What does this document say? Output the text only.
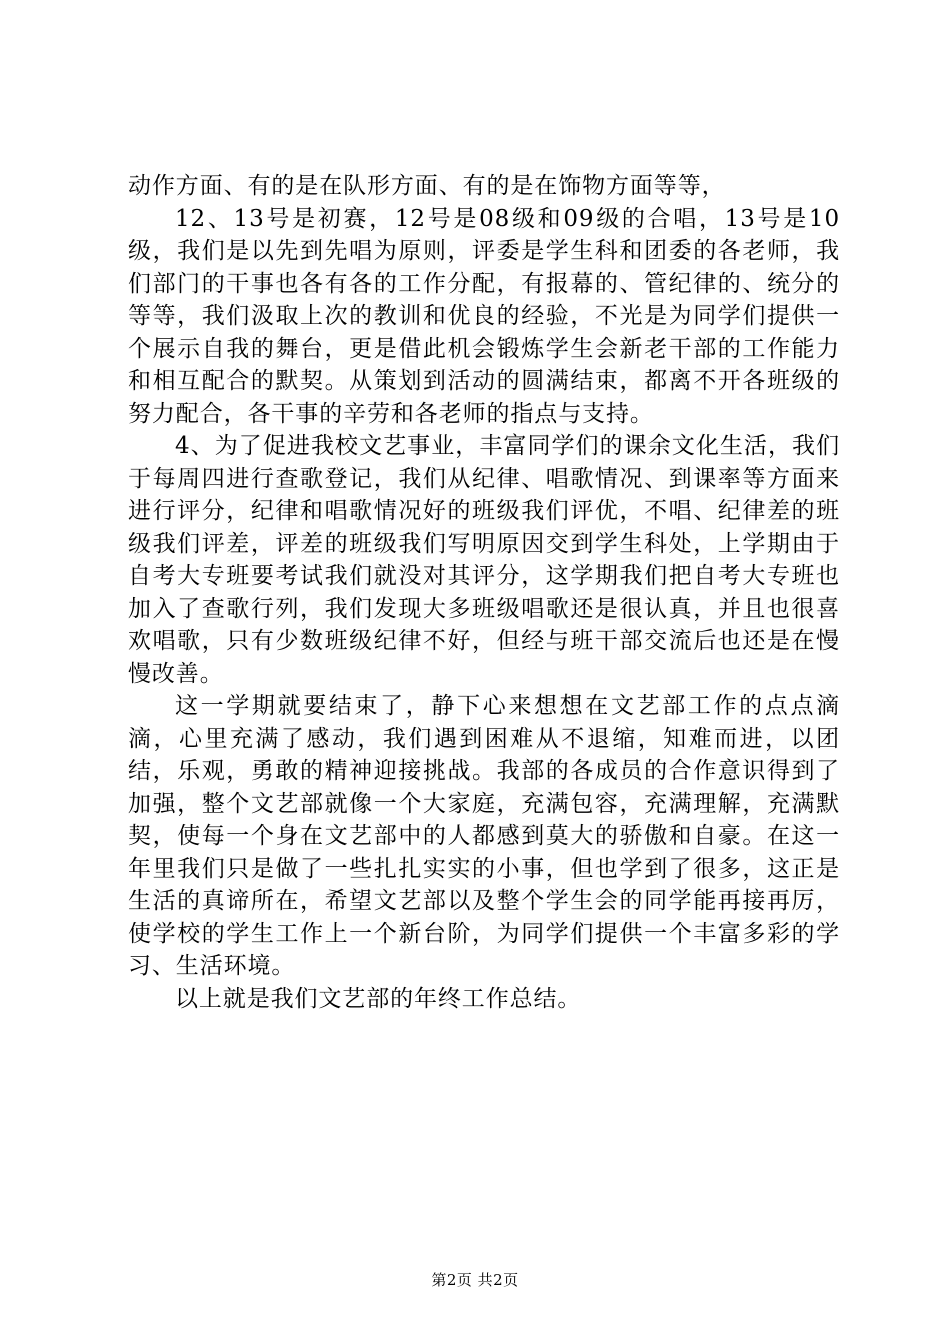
动作方面、有的是在队形方面、有的是在饰物方面等等，

12、13号是初赛，12号是08级和09级的合唱，13号是10级，我们是以先到先唱为原则，评委是学生科和团委的各老师，我们部门的干事也各有各的工作分配，有报幕的、管纪律的、统分的等等，我们汲取上次的教训和优良的经验，不光是为同学们提供一个展示自我的舞台，更是借此机会锻炼学生会新老干部的工作能力和相互配合的默契。从策划到活动的圆满结束，都离不开各班级的努力配合，各干事的辛劳和各老师的指点与支持。

4、为了促进我校文艺事业，丰富同学们的课余文化生活，我们于每周四进行查歌登记，我们从纪律、唱歌情况、到课率等方面来进行评分，纪律和唱歌情况好的班级我们评优，不唱、纪律差的班级我们评差，评差的班级我们写明原因交到学生科处，上学期由于自考大专班要考试我们就没对其评分，这学期我们把自考大专班也加入了查歌行列，我们发现大多班级唱歌还是很认真，并且也很喜欢唱歌，只有少数班级纪律不好，但经与班干部交流后也还是在慢慢改善。

这一学期就要结束了，静下心来想想在文艺部工作的点点滴滴，心里充满了感动，我们遇到困难从不退缩，知难而进，以团结，乐观，勇敢的精神迎接挑战。我部的各成员的合作意识得到了加强，整个文艺部就像一个大家庭，充满包容，充满理解，充满默契，使每一个身在文艺部中的人都感到莫大的骄傲和自豪。在这一年里我们只是做了一些扎扎实实的小事，但也学到了很多，这正是生活的真谛所在，希望文艺部以及整个学生会的同学能再接再厉，使学校的学生工作上一个新台阶，为同学们提供一个丰富多彩的学习、生活环境。

以上就是我们文艺部的年终工作总结。

第2页 共2页
